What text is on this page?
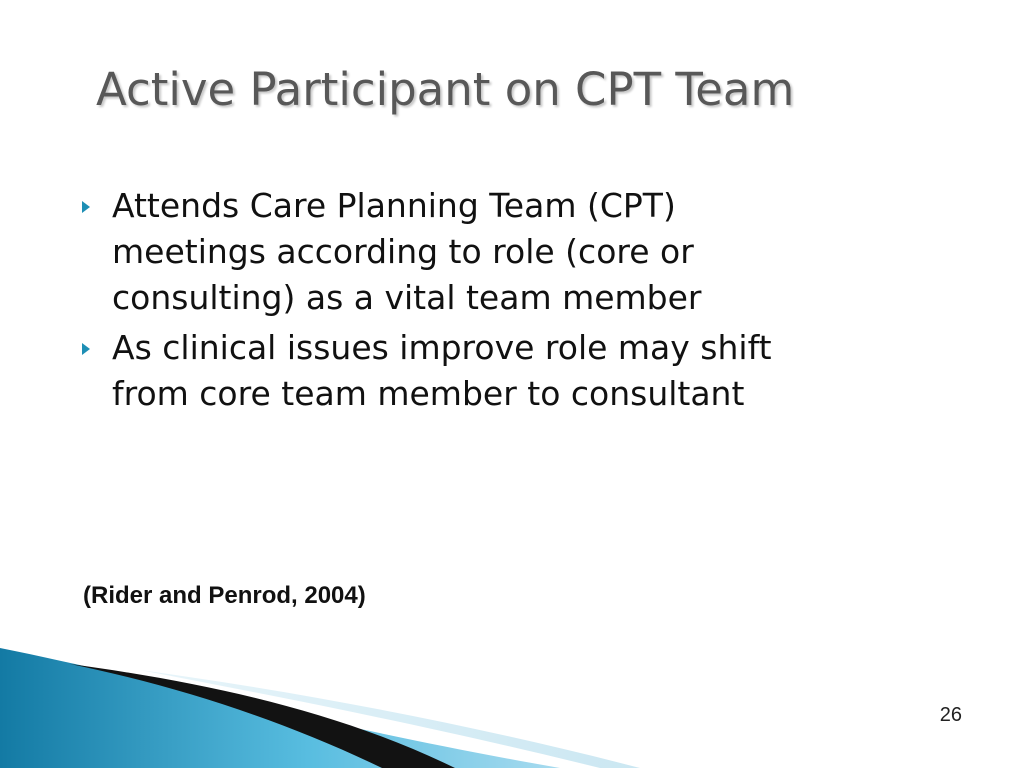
Active Participant on CPT Team
Attends Care Planning Team (CPT)
meetings according to role (core or
consulting) as a vital team member
As clinical issues improve role may shift
from core team member to consultant
(Rider and Penrod, 2004)
26
